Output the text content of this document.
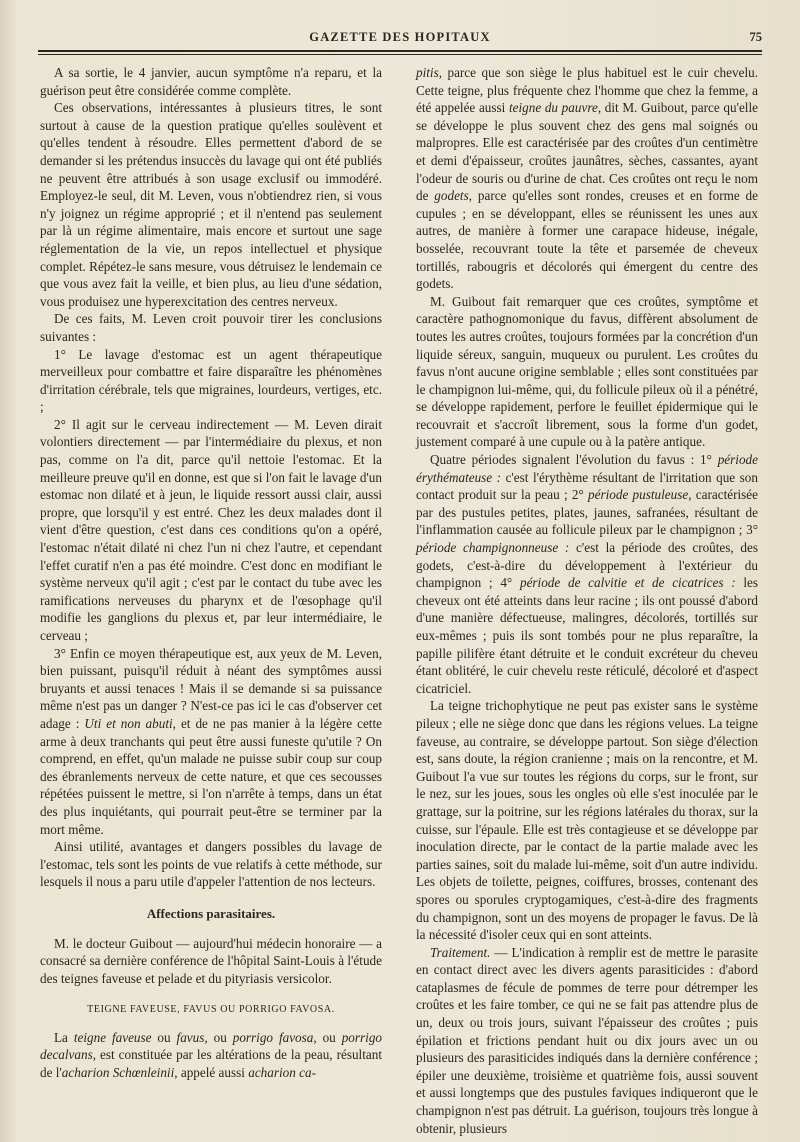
GAZETTE DES HOPITAUX	75

A sa sortie, le 4 janvier, aucun symptôme n'a reparu, et la guérison peut être considérée comme complète.

Ces observations, intéressantes à plusieurs titres, le sont surtout à cause de la question pratique qu'elles soulèvent et qu'elles tendent à résoudre. Elles permettent d'abord de se demander si les prétendus insuccès du lavage qui ont été publiés ne peuvent être attribués à son usage exclusif ou immodéré. Employez-le seul, dit M. Leven, vous n'obtiendrez rien, si vous n'y joignez un régime approprié ; et il n'entend pas seulement par là un régime alimentaire, mais encore et surtout une sage réglementation de la vie, un repos intellectuel et physique complet. Répétez-le sans mesure, vous détruisez le lendemain ce que vous avez fait la veille, et bien plus, au lieu d'une sédation, vous produisez une hyperexcitation des centres nerveux.

De ces faits, M. Leven croit pouvoir tirer les conclusions suivantes :

1° Le lavage d'estomac est un agent thérapeutique merveilleux pour combattre et faire disparaître les phénomènes d'irritation cérébrale, tels que migraines, lourdeurs, vertiges, etc. ;

2° Il agit sur le cerveau indirectement — M. Leven dirait volontiers directement — par l'intermédiaire du plexus, et non pas, comme on l'a dit, parce qu'il nettoie l'estomac. Et la meilleure preuve qu'il en donne, est que si l'on fait le lavage d'un estomac non dilaté et à jeun, le liquide ressort aussi clair, aussi propre, que lorsqu'il y est entré. Chez les deux malades dont il vient d'être question, c'est dans ces conditions qu'on a opéré, l'estomac n'était dilaté ni chez l'un ni chez l'autre, et cependant l'effet curatif n'en a pas été moindre. C'est donc en modifiant le système nerveux qu'il agit ; c'est par le contact du tube avec les ramifications nerveuses du pharynx et de l'œsophage qu'il modifie les ganglions du plexus et, par leur intermédiaire, le cerveau ;

3° Enfin ce moyen thérapeutique est, aux yeux de M. Leven, bien puissant, puisqu'il réduit à néant des symptômes aussi bruyants et aussi tenaces ! Mais il se demande si sa puissance même n'est pas un danger ? N'est-ce pas ici le cas d'observer cet adage : Uti et non abuti, et de ne pas manier à la légère cette arme à deux tranchants qui peut être aussi funeste qu'utile ? On comprend, en effet, qu'un malade ne puisse subir coup sur coup des ébranlements nerveux de cette nature, et que ces secousses répétées puissent le mettre, si l'on n'arrête à temps, dans un état des plus inquiétants, qui pourrait peut-être se terminer par la mort même.

Ainsi utilité, avantages et dangers possibles du lavage de l'estomac, tels sont les points de vue relatifs à cette méthode, sur lesquels il nous a paru utile d'appeler l'attention de nos lecteurs.

Affections parasitaires.

M. le docteur Guibout — aujourd'hui médecin honoraire — a consacré sa dernière conférence de l'hôpital Saint-Louis à l'étude des teignes faveuse et pelade et du pityriasis versicolor.

TEIGNE FAVEUSE, FAVUS OU PORRIGO FAVOSA.

La teigne faveuse ou favus, ou porrigo favosa, ou porrigo decalvans, est constituée par les altérations de la peau, résultant de l'acharion Schœnleinii, appelé aussi acharion ca-

pitis, parce que son siège le plus habituel est le cuir chevelu. Cette teigne, plus fréquente chez l'homme que chez la femme, a été appelée aussi teigne du pauvre, dit M. Guibout, parce qu'elle se développe le plus souvent chez des gens mal soignés ou malpropres. Elle est caractérisée par des croûtes d'un centimètre et demi d'épaisseur, croûtes jaunâtres, sèches, cassantes, ayant l'odeur de souris ou d'urine de chat. Ces croûtes ont reçu le nom de godets, parce qu'elles sont rondes, creuses et en forme de cupules ; en se développant, elles se réunissent les unes aux autres, de manière à former une carapace hideuse, inégale, bosselée, recouvrant toute la tête et parsemée de cheveux tortillés, rabougris et décolorés qui émergent du centre des godets.

M. Guibout fait remarquer que ces croûtes, symptôme et caractère pathognomonique du favus, diffèrent absolument de toutes les autres croûtes, toujours formées par la concrétion d'un liquide séreux, sanguin, muqueux ou purulent. Les croûtes du favus n'ont aucune origine semblable ; elles sont constituées par le champignon lui-même, qui, du follicule pileux où il a pénétré, se développe rapidement, perfore le feuillet épidermique qui le recouvrait et s'accroît librement, sous la forme d'un godet, justement comparé à une cupule ou à la patère antique.

Quatre périodes signalent l'évolution du favus : 1° période érythémateuse : c'est l'érythème résultant de l'irritation que son contact produit sur la peau ; 2° période pustuleuse, caractérisée par des pustules petites, plates, jaunes, safranées, résultant de l'inflammation causée au follicule pileux par le champignon ; 3° période champignonneuse : c'est la période des croûtes, des godets, c'est-à-dire du développement à l'extérieur du champignon ; 4° période de calvitie et de cicatrices : les cheveux ont été atteints dans leur racine ; ils ont poussé d'abord d'une manière défectueuse, malingres, décolorés, tortillés sur eux-mêmes ; puis ils sont tombés pour ne plus reparaître, la papille pilifère étant détruite et le conduit excréteur du cheveu étant oblitéré, le cuir chevelu reste réticulé, décoloré et d'aspect cicatriciel.

La teigne trichophytique ne peut pas exister sans le système pileux ; elle ne siège donc que dans les régions velues. La teigne faveuse, au contraire, se développe partout. Son siège d'élection est, sans doute, la région cranienne ; mais on la rencontre, et M. Guibout l'a vue sur toutes les régions du corps, sur le front, sur le nez, sur les joues, sous les ongles où elle s'est inoculée par le grattage, sur la poitrine, sur les régions latérales du thorax, sur la cuisse, sur l'épaule. Elle est très contagieuse et se développe par inoculation directe, par le contact de la partie malade avec les parties saines, soit du malade lui-même, soit d'un autre individu. Les objets de toilette, peignes, coiffures, brosses, contenant des spores ou sporules cryptogamiques, c'est-à-dire des fragments du champignon, sont un des moyens de propager le favus. De là la nécessité d'isoler ceux qui en sont atteints.

Traitement. — L'indication à remplir est de mettre le parasite en contact direct avec les divers agents parasiticides : d'abord cataplasmes de fécule de pommes de terre pour détremper les croûtes et les faire tomber, ce qui ne se fait pas attendre plus de un, deux ou trois jours, suivant l'épaisseur des croûtes ; puis épilation et frictions pendant huit ou dix jours avec un ou plusieurs des parasiticides indiqués dans la dernière conférence ; épiler une deuxième, troisième et quatrième fois, aussi souvent et aussi longtemps que des pustules faviques indiqueront que le champignon n'est pas détruit. La guérison, toujours très longue à obtenir, plusieurs
